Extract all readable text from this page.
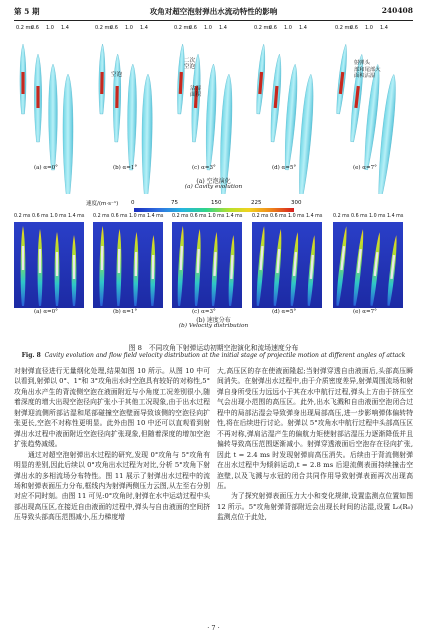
第 5 期	攻角对超空泡射弹出水流动特性的影响	240408
0.2 ms
0.6 1.0 1.4	0.2 ms
0.6 1.0 1.4	0.2 ms
0.6 1.0 1.4	0.2 ms
0.6 1.0 1.4	0.2 ms
0.6 1.0 1.4
(a) α=0°	(b) α=1°	(c) α=3°	(d) α=5°	(e) α=7°
空泡
二次空泡
沾湿面积
射弹头
部和尾部大
面积沾湿
(a) 空泡演化
(a) Cavity evolution
速度/(m·s⁻¹) 0	75	150	225	300
0.2 ms 0.6 ms 1.0 ms 1.4 ms 0.2 ms 0.6 ms 1.0 ms 1.4 ms 0.2 ms 0.6 ms 1.0 ms 1.4 ms 0.2 ms 0.6 ms 1.0 ms 1.4 ms 0.2 ms 0.6 ms 1.0 ms 1.4 ms
(a) α=0°	(b) α=1°	(c) α=3°	(d) α=5°	(e) α=7°
(b) 速度分布
(b) Velocity distribution
图 8　不同攻角下射弹运动初期空泡演化和流场速度分布
Fig. 8 Cavity evolution and flow field velocity distribution at the initial stage of projectile motion at different angles of attack

对射弹直径进行无量纲化处理,结果如图 10 所示。从图 10 中可以看到,射弹以 0°、1°和 3°攻角出水时空泡具有较好的对称性,5°攻角出水产生的背流侧空泡在液面附近与小角度工况差别很小,随着深度的增大出现空泡径向扩张小于其他工况现象,由于出水过程射弹迎流侧所部沾湿和尾部碰撞空泡壁面导致该侧的空泡径向扩张更长,空泡不对称性更明显。此外由图 10 中还可以直观看到射弹出水过程中液面附近空泡径向扩张现象,但随着深度的增加空泡扩张趋势减缓。

通过对超空泡射弹出水过程的研究,发现 0°攻角与 5°攻角有明显的差别,因此后续以 0°攻角出水过程为对比,分析 5°攻角下射弹出水的多相流场分布特性。图 11 展示了射弹出水过程中的流场和射弹表面压力分布,框线内为射弹两侧压力云图,从左至右分别对应不同时刻。由图 11 可见:0°攻角时,射弹在水中运动过程中头部出现高压区,在接近自由液面的过程中,弹头与自由液面的空间挤压导致头部高压范围减小,压力梯度增

大,高压区的存在使液面隆起;当射弹穿透自由液面后,头部高压瞬间消失。在射弹出水过程中,由于介质密度差异,射弹周围流场和射弹自身所受压力远远小于其在水中航行过程,弹头上方由于挤压空气会出现小范围的高压区。此外,出水飞溅和自由液面空泡闭合过程中的局部沾湿会导致弹身出现局部高压,进一步影响弹体偏转特性,将在后续进行讨论。射弹以 5°攻角水中航行过程中头部高压区不再对称,弹肩沾湿产生的偏航力矩使射部沾湿压力逐渐降低并且偏转导致高压范围逐渐减小。射弹穿透液面后空泡存在径向扩张,因此 t = 2.4 ms 时发现射弹肩高压消失。后续由于背流侧射弹在出水过程中为倾斜运动,t = 2.8 ms 后迎流侧表面持续撞击空泡壁,以及飞溅与水冠的闭合共同作用导致射弹表面再次出现高压。

为了探究射弹表面压力大小和变化规律,设置监测点位置如图 12 所示。5°攻角射弹背部附近会出现长时间的沾湿,设置 L₀(R₀) 监测点位于此处,

· 7 ·
